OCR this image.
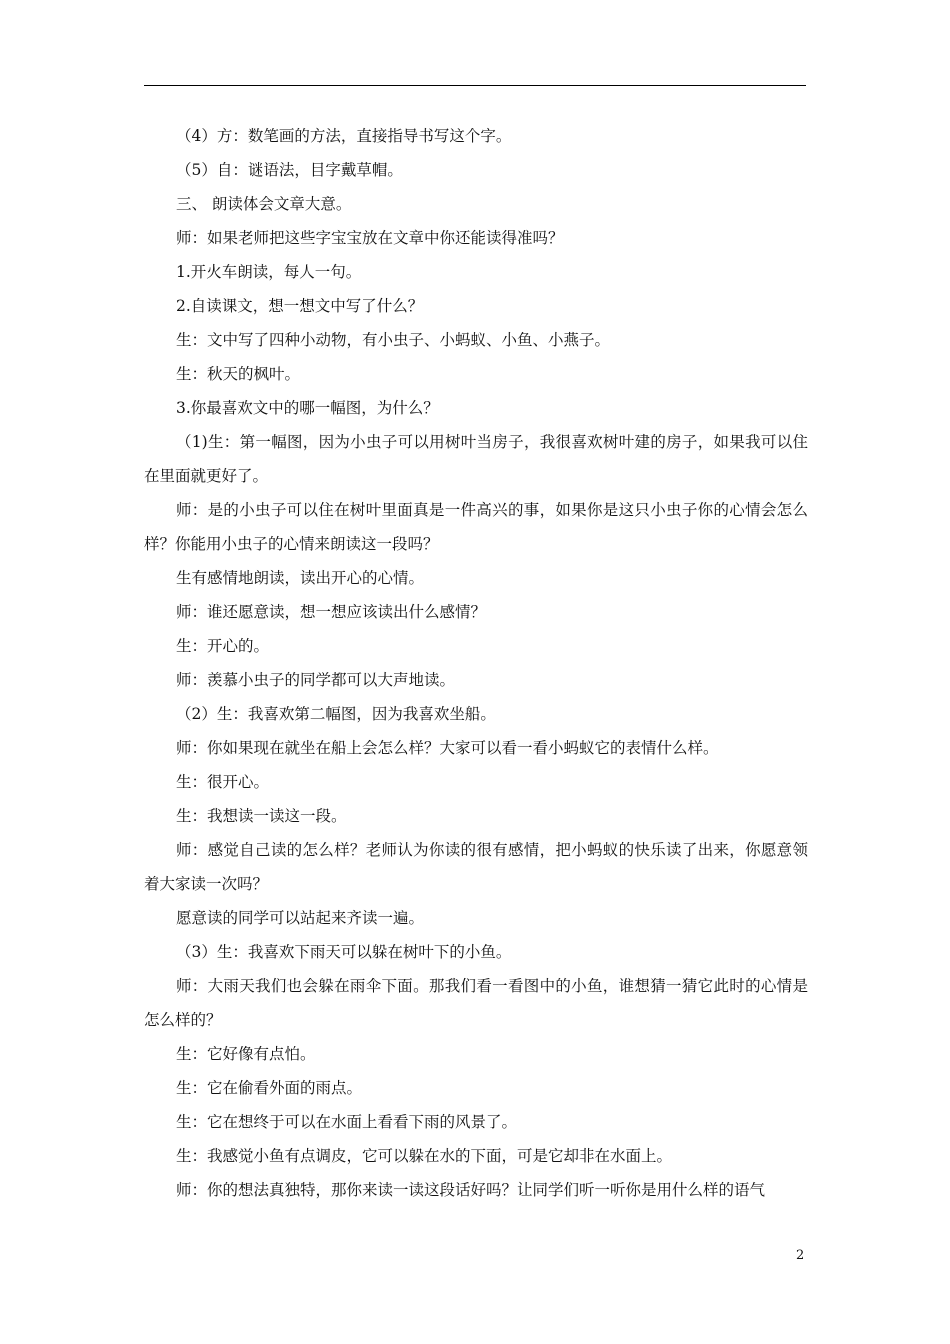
（4）方：数笔画的方法，直接指导书写这个字。

（5）自：谜语法，目字戴草帽。

三、 朗读体会文章大意。

师：如果老师把这些字宝宝放在文章中你还能读得准吗？

1.开火车朗读，每人一句。

2.自读课文，想一想文中写了什么？

生：文中写了四种小动物，有小虫子、小蚂蚁、小鱼、小燕子。

生：秋天的枫叶。

3.你最喜欢文中的哪一幅图，为什么？

（1)生：第一幅图，因为小虫子可以用树叶当房子，我很喜欢树叶建的房子，如果我可以住在里面就更好了。

师：是的小虫子可以住在树叶里面真是一件高兴的事，如果你是这只小虫子你的心情会怎么样？你能用小虫子的心情来朗读这一段吗？

生有感情地朗读，读出开心的心情。

师：谁还愿意读，想一想应该读出什么感情？

生：开心的。

师：羡慕小虫子的同学都可以大声地读。

（2）生：我喜欢第二幅图，因为我喜欢坐船。

师：你如果现在就坐在船上会怎么样？大家可以看一看小蚂蚁它的表情什么样。

生：很开心。

生：我想读一读这一段。

师：感觉自己读的怎么样？老师认为你读的很有感情，把小蚂蚁的快乐读了出来，你愿意领着大家读一次吗？

愿意读的同学可以站起来齐读一遍。

（3）生：我喜欢下雨天可以躲在树叶下的小鱼。

师：大雨天我们也会躲在雨伞下面。那我们看一看图中的小鱼，谁想猜一猜它此时的心情是怎么样的？

生：它好像有点怕。

生：它在偷看外面的雨点。

生：它在想终于可以在水面上看看下雨的风景了。

生：我感觉小鱼有点调皮，它可以躲在水的下面，可是它却非在水面上。

师：你的想法真独特，那你来读一读这段话好吗？让同学们听一听你是用什么样的语气

2
